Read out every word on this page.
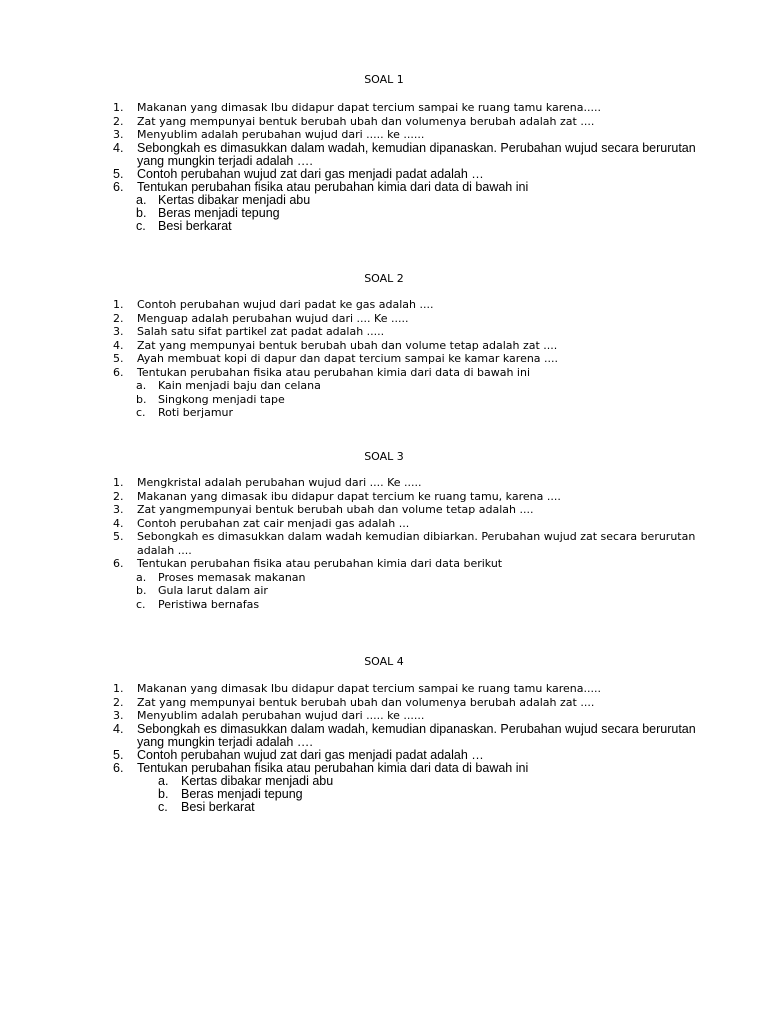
SOAL 1
1. Makanan yang dimasak Ibu didapur dapat tercium sampai ke ruang tamu karena.....
2. Zat yang mempunyai bentuk berubah ubah dan volumenya berubah adalah zat ....
3. Menyublim adalah perubahan wujud dari ..... ke ......
4. Sebongkah es dimasukkan dalam wadah, kemudian dipanaskan. Perubahan wujud secara berurutan yang mungkin terjadi adalah ….
5. Contoh perubahan wujud zat dari gas menjadi padat adalah …
6. Tentukan perubahan fisika atau perubahan kimia dari data di bawah ini
a. Kertas dibakar menjadi abu
b. Beras menjadi tepung
c. Besi berkarat
SOAL 2
1. Contoh perubahan wujud dari padat ke gas adalah ....
2. Menguap adalah perubahan wujud dari .... Ke .....
3. Salah satu sifat partikel zat padat adalah .....
4. Zat yang mempunyai bentuk berubah ubah dan volume tetap adalah zat ....
5. Ayah membuat kopi di dapur dan dapat tercium sampai ke kamar karena ....
6. Tentukan perubahan fisika atau perubahan kimia dari data di bawah ini
a. Kain menjadi baju dan celana
b. Singkong menjadi tape
c. Roti berjamur
SOAL 3
1. Mengkristal adalah perubahan wujud dari .... Ke .....
2. Makanan yang dimasak ibu didapur dapat tercium ke ruang tamu, karena ....
3. Zat yangmempunyai bentuk berubah ubah dan volume tetap adalah ....
4. Contoh perubahan zat cair menjadi gas adalah ...
5. Sebongkah es dimasukkan dalam wadah kemudian dibiarkan. Perubahan wujud zat secara berurutan adalah ....
6. Tentukan perubahan fisika atau perubahan kimia dari data berikut
a. Proses memasak makanan
b. Gula larut dalam air
c. Peristiwa bernafas
SOAL 4
1. Makanan yang dimasak Ibu didapur dapat tercium sampai ke ruang tamu karena.....
2. Zat yang mempunyai bentuk berubah ubah dan volumenya berubah adalah zat ....
3. Menyublim adalah perubahan wujud dari ..... ke ......
4. Sebongkah es dimasukkan dalam wadah, kemudian dipanaskan. Perubahan wujud secara berurutan yang mungkin terjadi adalah ….
5. Contoh perubahan wujud zat dari gas menjadi padat adalah …
6. Tentukan perubahan fisika atau perubahan kimia dari data di bawah ini
a. Kertas dibakar menjadi abu
b. Beras menjadi tepung
c. Besi berkarat
